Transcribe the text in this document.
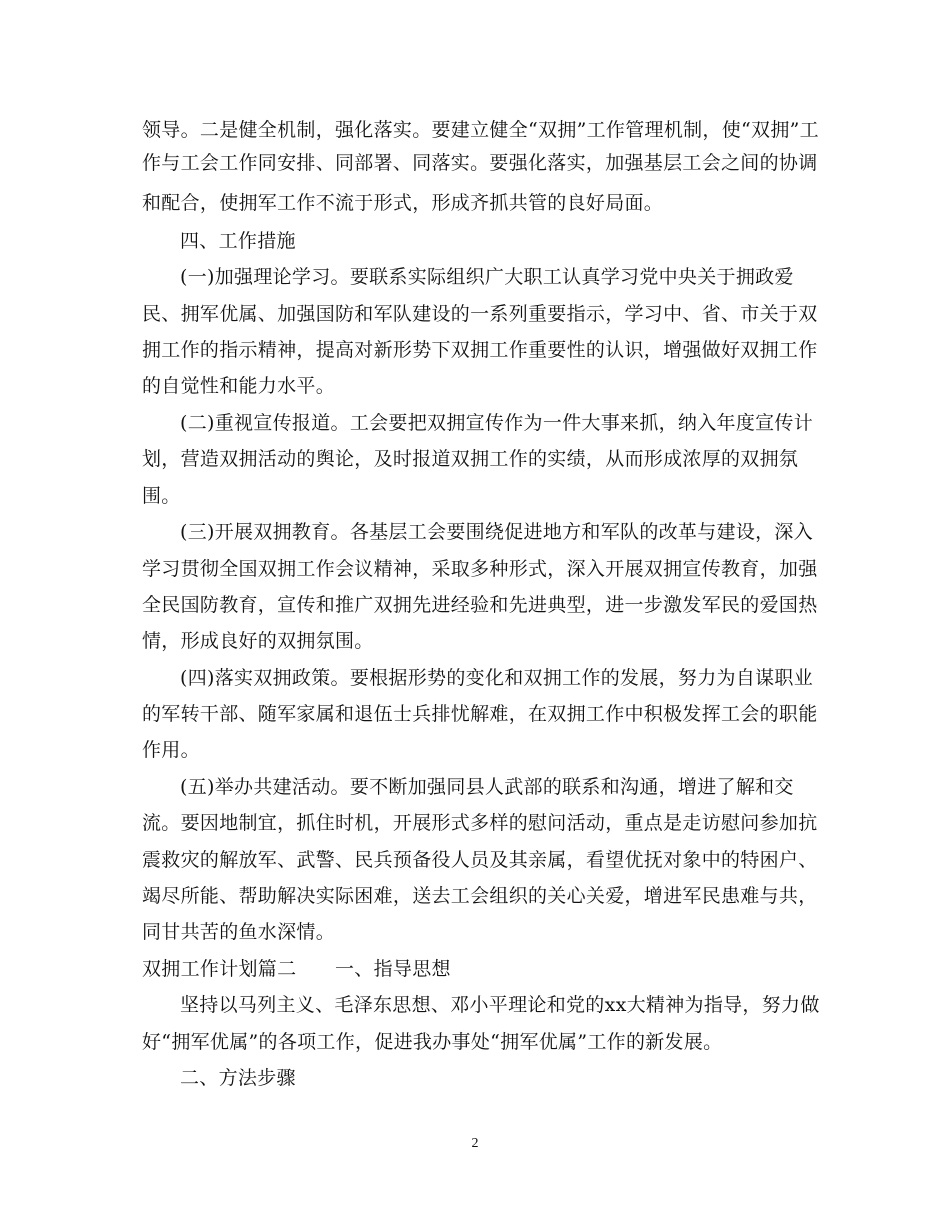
领导。二是健全机制，强化落实。要建立健全“双拥”工作管理机制，使“双拥”工
作与工会工作同安排、同部署、同落实。要强化落实，加强基层工会之间的协调
和配合，使拥军工作不流于形式，形成齐抓共管的良好局面。
四、工作措施
(一)加强理论学习。要联系实际组织广大职工认真学习党中央关于拥政爱
民、拥军优属、加强国防和军队建设的一系列重要指示，学习中、省、市关于双
拥工作的指示精神，提高对新形势下双拥工作重要性的认识，增强做好双拥工作
的自觉性和能力水平。
(二)重视宣传报道。工会要把双拥宣传作为一件大事来抓，纳入年度宣传计
划，营造双拥活动的舆论，及时报道双拥工作的实绩，从而形成浓厚的双拥氛
围。
(三)开展双拥教育。各基层工会要围绕促进地方和军队的改革与建设，深入
学习贯彻全国双拥工作会议精神，采取多种形式，深入开展双拥宣传教育，加强
全民国防教育，宣传和推广双拥先进经验和先进典型，进一步激发军民的爱国热
情，形成良好的双拥氛围。
(四)落实双拥政策。要根据形势的变化和双拥工作的发展，努力为自谋职业
的军转干部、随军家属和退伍士兵排忧解难，在双拥工作中积极发挥工会的职能
作用。
(五)举办共建活动。要不断加强同县人武部的联系和沟通，增进了解和交
流。要因地制宜，抓住时机，开展形式多样的慰问活动，重点是走访慰问参加抗
震救灾的解放军、武警、民兵预备役人员及其亲属，看望优抚对象中的特困户、
竭尽所能、帮助解决实际困难，送去工会组织的关心关爱，增进军民患难与共，
同甘共苦的鱼水深情。
双拥工作计划篇二　　一、指导思想
坚持以马列主义、毛泽东思想、邓小平理论和党的xx大精神为指导，努力做
好“拥军优属”的各项工作，促进我办事处“拥军优属”工作的新发展。
二、方法步骤
2
